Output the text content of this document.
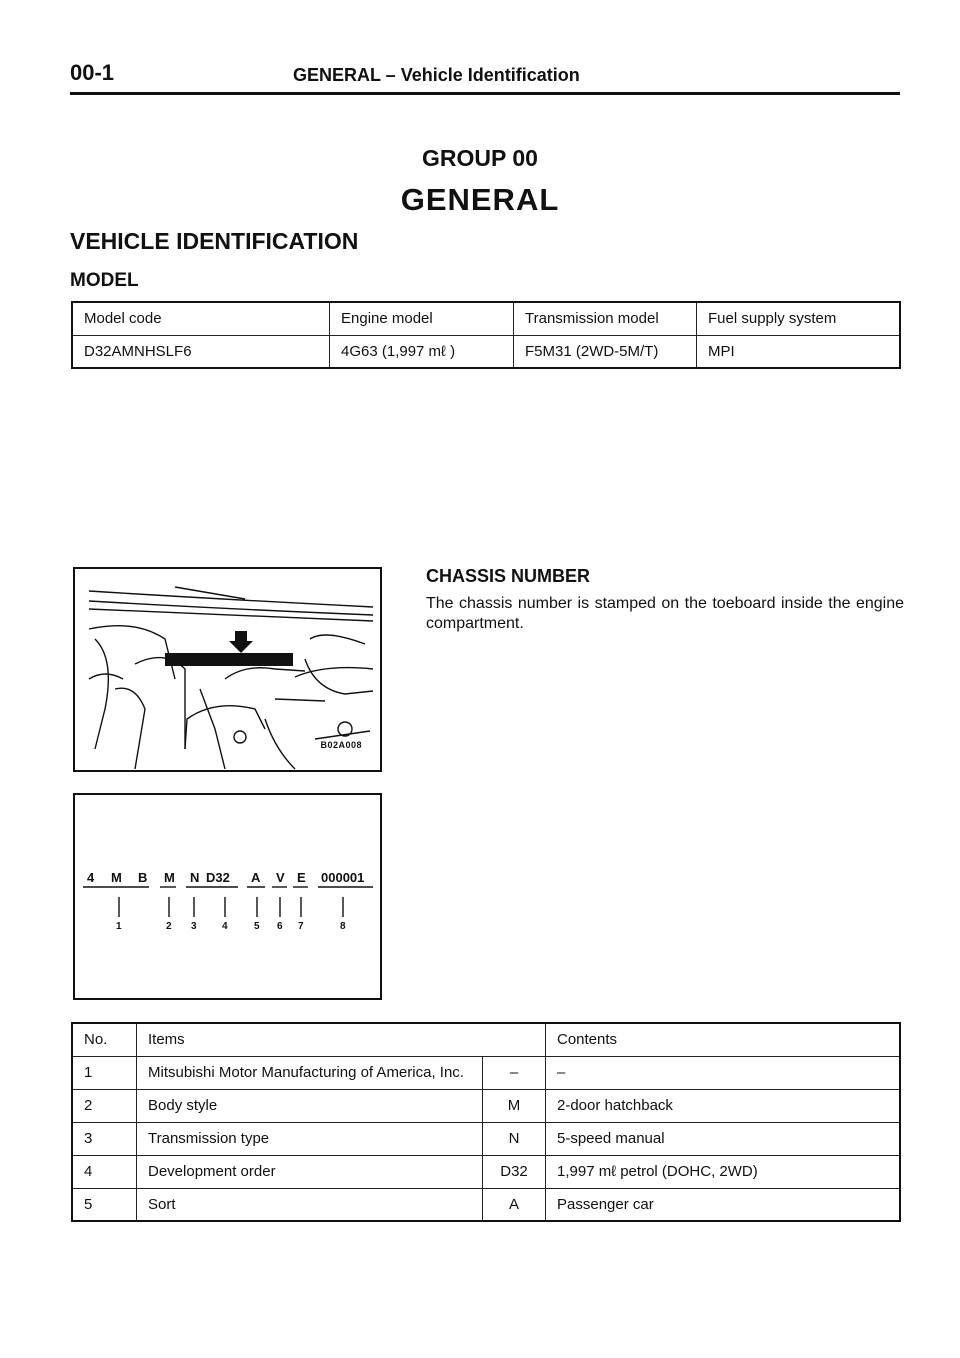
00-1	GENERAL – Vehicle Identification
GROUP 00
GENERAL
VEHICLE IDENTIFICATION
MODEL
Model code	Engine model	Transmission model	Fuel supply system
D32AMNHSLF6	4G63 (1,997 mℓ )	F5M31 (2WD-5M/T)	MPI
B02A008
CHASSIS NUMBER
The chassis number is stamped on the toeboard inside the engine compartment.
4 M B M N D32 A V E 000001
1	2 3	4	5 6 7	8
No.	Items		Contents
1	Mitsubishi Motor Manufacturing of America, Inc.	–	–
2	Body style	M	2-door hatchback
3	Transmission type	N	5-speed manual
4	Development order	D32	1,997 mℓ petrol (DOHC, 2WD)
5	Sort	A	Passenger car
